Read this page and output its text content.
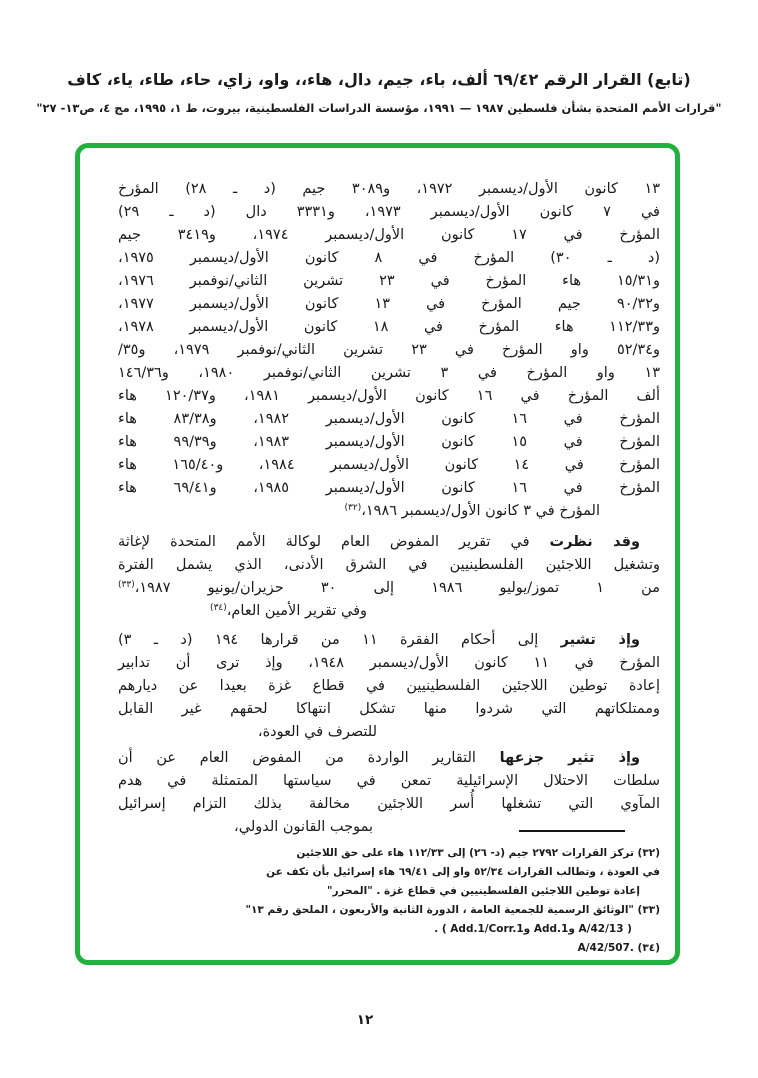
(تابع) القرار الرقم ٦٩/٤٢ ألف، باء، جيم، دال، هاء،، واو، زاي، حاء، طاء، ياء، كاف
"قرارات الأمم المتحدة بشأن فلسطين ١٩٨٧ — ١٩٩١، مؤسسة الدراسات الفلسطينية، بيروت، ط ١، ١٩٩٥، مج ٤، ص١٣- ٢٧"
١٣ كانون الأول/ديسمبر ١٩٧٢، و٣٠٨٩ جيم (د ـ ٢٨) المؤرخ
في ٧ كانون الأول/ديسمبر ١٩٧٣، و٣٣٣١ دال (د ـ ٢٩)
المؤرخ في ١٧ كانون الأول/ديسمبر ١٩٧٤، و٣٤١٩ جيم
(د ـ ٣٠) المؤرخ في ٨ كانون الأول/ديسمبر ١٩٧٥،
و١٥/٣١ هاء المؤرخ في ٢٣ تشرين الثاني/نوفمبر ١٩٧٦،
و٩٠/٣٢ جيم المؤرخ في ١٣ كانون الأول/ديسمبر ١٩٧٧،
و١١٢/٣٣ هاء المؤرخ في ١٨ كانون الأول/ديسمبر ١٩٧٨،
و٥٢/٣٤ واو المؤرخ في ٢٣ تشرين الثاني/نوفمبر ١٩٧٩، و٣٥/
١٣ واو المؤرخ في ٣ تشرين الثاني/نوفمبر ١٩٨٠، و١٤٦/٣٦
ألف المؤرخ في ١٦ كانون الأول/ديسمبر ١٩٨١، و١٢٠/٣٧ هاء
المؤرخ في ١٦ كانون الأول/ديسمبر ١٩٨٢، و٨٣/٣٨ هاء
المؤرخ في ١٥ كانون الأول/ديسمبر ١٩٨٣، و٩٩/٣٩ هاء
المؤرخ في ١٤ كانون الأول/ديسمبر ١٩٨٤، و١٦٥/٤٠ هاء
المؤرخ في ١٦ كانون الأول/ديسمبر ١٩٨٥، و٦٩/٤١ هاء
المؤرخ في ٣ كانون الأول/ديسمبر ١٩٨٦،$^{(٣٢)}$
وقد نظرت في تقرير المفوض العام لوكالة الأمم المتحدة لإغاثة
وتشغيل اللاجئين الفلسطينيين في الشرق الأدنى، الذي يشمل الفترة
من ١ تموز/يوليو ١٩٨٦ إلى ٣٠ حزيران/يونيو ١٩٨٧،$^{(٣٣)}$
وفي تقرير الأمين العام،$^{(٣٤)}$
وإذ تشير إلى أحكام الفقرة ١١ من قرارها ١٩٤ (د ـ ٣)
المؤرخ في ١١ كانون الأول/ديسمبر ١٩٤٨، وإذ ترى أن تدابير
إعادة توطين اللاجئين الفلسطينيين في قطاع غزة بعيدا عن ديارهم
وممتلكاتهم التي شردوا منها تشكل انتهاكا لحقهم غير القابل
للتصرف في العودة،
وإذ تثير جزعها التقارير الواردة من المفوض العام عن أن
سلطات الاحتلال الإسرائيلية تمعن في سياستها المتمثلة في هدم
المآوي التي تشغلها أُسر اللاجئين مخالفة بذلك التزام إسرائيل
بموجب القانون الدولي،
(٣٢) تركز القرارات ٢٧٩٢ جيم (د- ٢٦) إلى ١١٢/٣٣ هاء على حق اللاجئين
في العودة ، وتطالب القرارات ٥٢/٣٤ واو إلى ٦٩/٤١ هاء إسرائيل بأن تكف عن
إعادة توطين اللاجئين الفلسطينيين في قطاع غزة . "المحرر"
(٣٣) "الوثائق الرسمية للجمعية العامة ، الدورة الثانية والأربعون ، الملحق رقم ١٣"
( ‎A/42/13‎ وAdd.1 وAdd.1/Corr.1‎ ) .
(٣٤) ‎A/42/507.‎
١٢
